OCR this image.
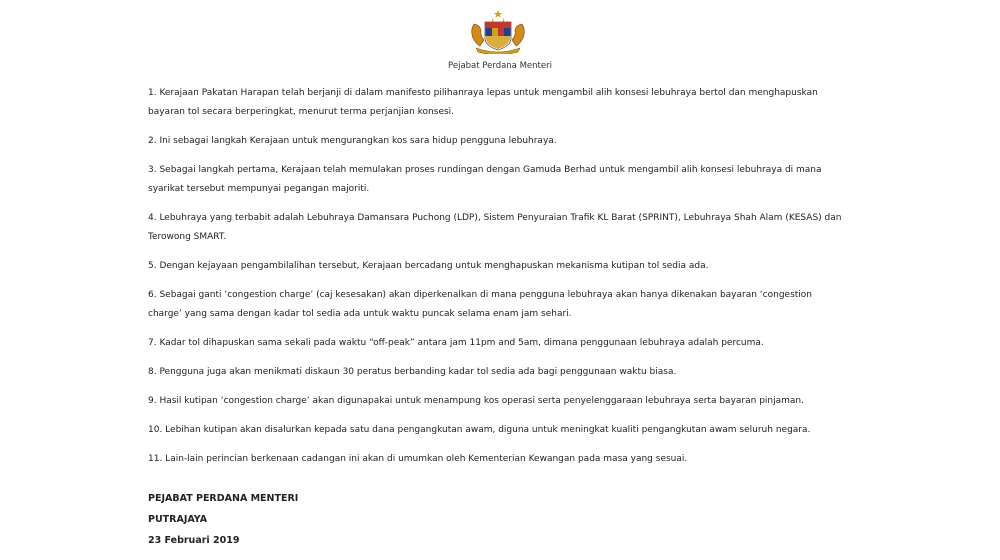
Pejabat Perdana Menteri

1. Kerajaan Pakatan Harapan telah berjanji di dalam manifesto pilihanraya lepas untuk mengambil alih konsesi lebuhraya bertol dan menghapuskan bayaran tol secara berperingkat, menurut terma perjanjian konsesi.

2. Ini sebagai langkah Kerajaan untuk mengurangkan kos sara hidup pengguna lebuhraya.

3. Sebagai langkah pertama, Kerajaan telah memulakan proses rundingan dengan Gamuda Berhad untuk mengambil alih konsesi lebuhraya di mana syarikat tersebut mempunyai pegangan majoriti.

4. Lebuhraya yang terbabit adalah Lebuhraya Damansara Puchong (LDP), Sistem Penyuraian Trafik KL Barat (SPRINT), Lebuhraya Shah Alam (KESAS) dan Terowong SMART.

5. Dengan kejayaan pengambilalihan tersebut, Kerajaan bercadang untuk menghapuskan mekanisma kutipan tol sedia ada.

6. Sebagai ganti ‘congestion charge’ (caj kesesakan) akan diperkenalkan di mana pengguna lebuhraya akan hanya dikenakan bayaran ‘congestion charge’ yang sama dengan kadar tol sedia ada untuk waktu puncak selama enam jam sehari.

7. Kadar tol dihapuskan sama sekali pada waktu “off-peak” antara jam 11pm and 5am, dimana penggunaan lebuhraya adalah percuma.

8. Pengguna juga akan menikmati diskaun 30 peratus berbanding kadar tol sedia ada bagi penggunaan waktu biasa.

9. Hasil kutipan ‘congestion charge’ akan digunapakai untuk menampung kos operasi serta penyelenggaraan lebuhraya serta bayaran pinjaman.

10. Lebihan kutipan akan disalurkan kepada satu dana pengangkutan awam, diguna untuk meningkat kualiti pengangkutan awam seluruh negara.

11. Lain-lain perincian berkenaan cadangan ini akan di umumkan oleh Kementerian Kewangan pada masa yang sesuai.

PEJABAT PERDANA MENTERI
PUTRAJAYA
23 Februari 2019
